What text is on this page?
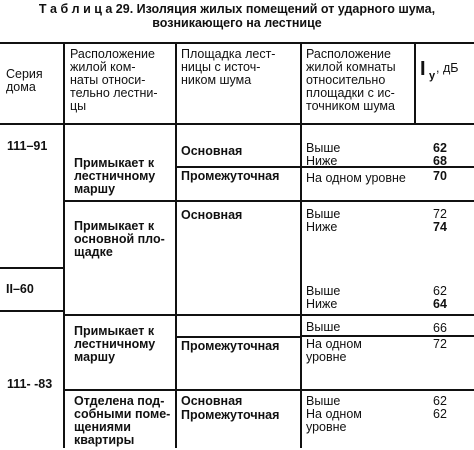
Т а б л и ц а 29. Изоляция жилых помещений от ударного шума,
возникающего на лестнице
Серия
дома
Расположение
жилой ком-
наты относи-
тельно лестни-
цы
Площадка лест-
ницы с источ-
ником шума
Расположение
жилой комнаты
относительно
площадки с ис-
точником шума
I у
, дБ
111–91
II–60
111- -83
Примыкает к
лестничному
маршу
Примыкает к
основной пло-
щадке
Примыкает к
лестничному
маршу
Отделена под-
собными поме-
щениями
квартиры
Основная
Промежуточная
Основная
Промежуточная
Основная
Промежуточная
Выше
Ниже
На одном уровне
Выше
Ниже
Выше
Ниже
Выше
На одном
уровне
Выше
На одном
уровне
62
68
70
72
74
62
64
66
72
62
62
